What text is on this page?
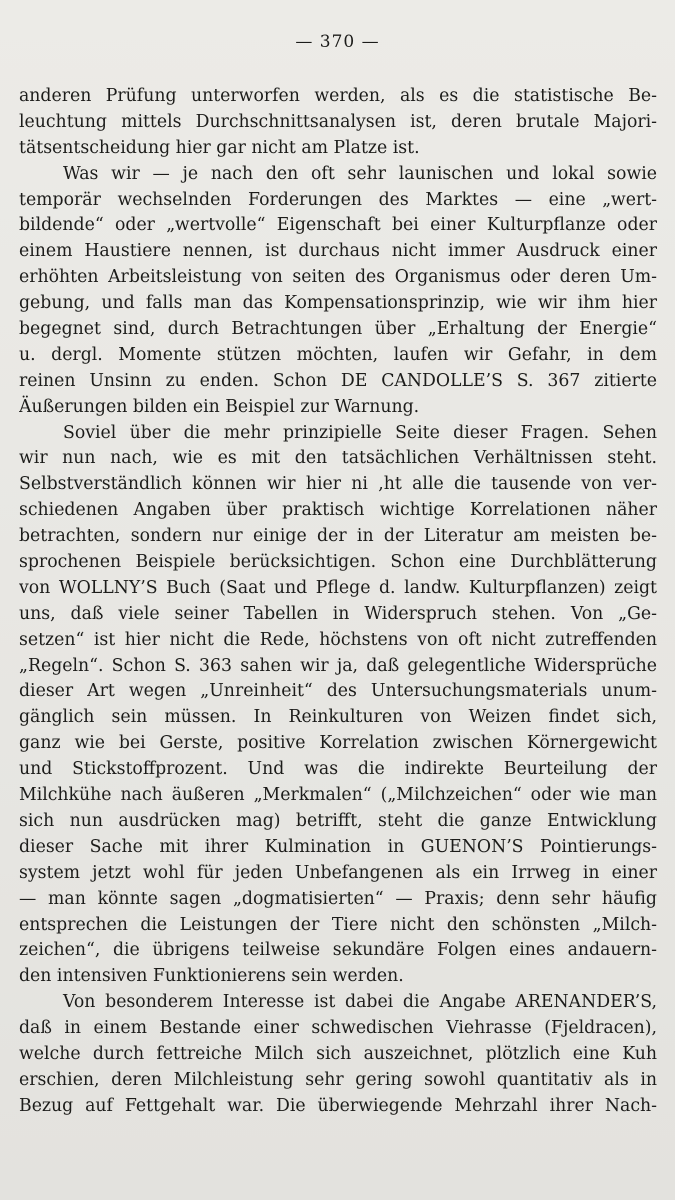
— 370 —
anderen Prüfung unterworfen werden, als es die statistische Be-
leuchtung mittels Durchschnittsanalysen ist, deren brutale Majori-
tätsentscheidung hier gar nicht am Platze ist.
Was wir — je nach den oft sehr launischen und lokal sowie
temporär wechselnden Forderungen des Marktes — eine „wert-
bildende“ oder „wertvolle“ Eigenschaft bei einer Kulturpflanze oder
einem Haustiere nennen, ist durchaus nicht immer Ausdruck einer
erhöhten Arbeitsleistung von seiten des Organismus oder deren Um-
gebung, und falls man das Kompensationsprinzip, wie wir ihm hier
begegnet sind, durch Betrachtungen über „Erhaltung der Energie“
u. dergl. Momente stützen möchten, laufen wir Gefahr, in dem
reinen Unsinn zu enden. Schon DE CANDOLLE’S S. 367 zitierte
Äußerungen bilden ein Beispiel zur Warnung.
Soviel über die mehr prinzipielle Seite dieser Fragen. Sehen
wir nun nach, wie es mit den tatsächlichen Verhältnissen steht.
Selbstverständlich können wir hier ni ,ht alle die tausende von ver-
schiedenen Angaben über praktisch wichtige Korrelationen näher
betrachten, sondern nur einige der in der Literatur am meisten be-
sprochenen Beispiele berücksichtigen. Schon eine Durchblätterung
von WOLLNY’S Buch (Saat und Pflege d. landw. Kulturpflanzen) zeigt
uns, daß viele seiner Tabellen in Widerspruch stehen. Von „Ge-
setzen“ ist hier nicht die Rede, höchstens von oft nicht zutreffenden
„Regeln“. Schon S. 363 sahen wir ja, daß gelegentliche Widersprüche
dieser Art wegen „Unreinheit“ des Untersuchungsmaterials unum-
gänglich sein müssen. In Reinkulturen von Weizen findet sich,
ganz wie bei Gerste, positive Korrelation zwischen Körnergewicht
und Stickstoffprozent. Und was die indirekte Beurteilung der
Milchkühe nach äußeren „Merkmalen“ („Milchzeichen“ oder wie man
sich nun ausdrücken mag) betrifft, steht die ganze Entwicklung
dieser Sache mit ihrer Kulmination in GUENON’S Pointierungs-
system jetzt wohl für jeden Unbefangenen als ein Irrweg in einer
— man könnte sagen „dogmatisierten“ — Praxis; denn sehr häufig
entsprechen die Leistungen der Tiere nicht den schönsten „Milch-
zeichen“, die übrigens teilweise sekundäre Folgen eines andauern-
den intensiven Funktionierens sein werden.
Von besonderem Interesse ist dabei die Angabe ARENANDER’S,
daß in einem Bestande einer schwedischen Viehrasse (Fjeldracen),
welche durch fettreiche Milch sich auszeichnet, plötzlich eine Kuh
erschien, deren Milchleistung sehr gering sowohl quantitativ als in
Bezug auf Fettgehalt war. Die überwiegende Mehrzahl ihrer Nach-
